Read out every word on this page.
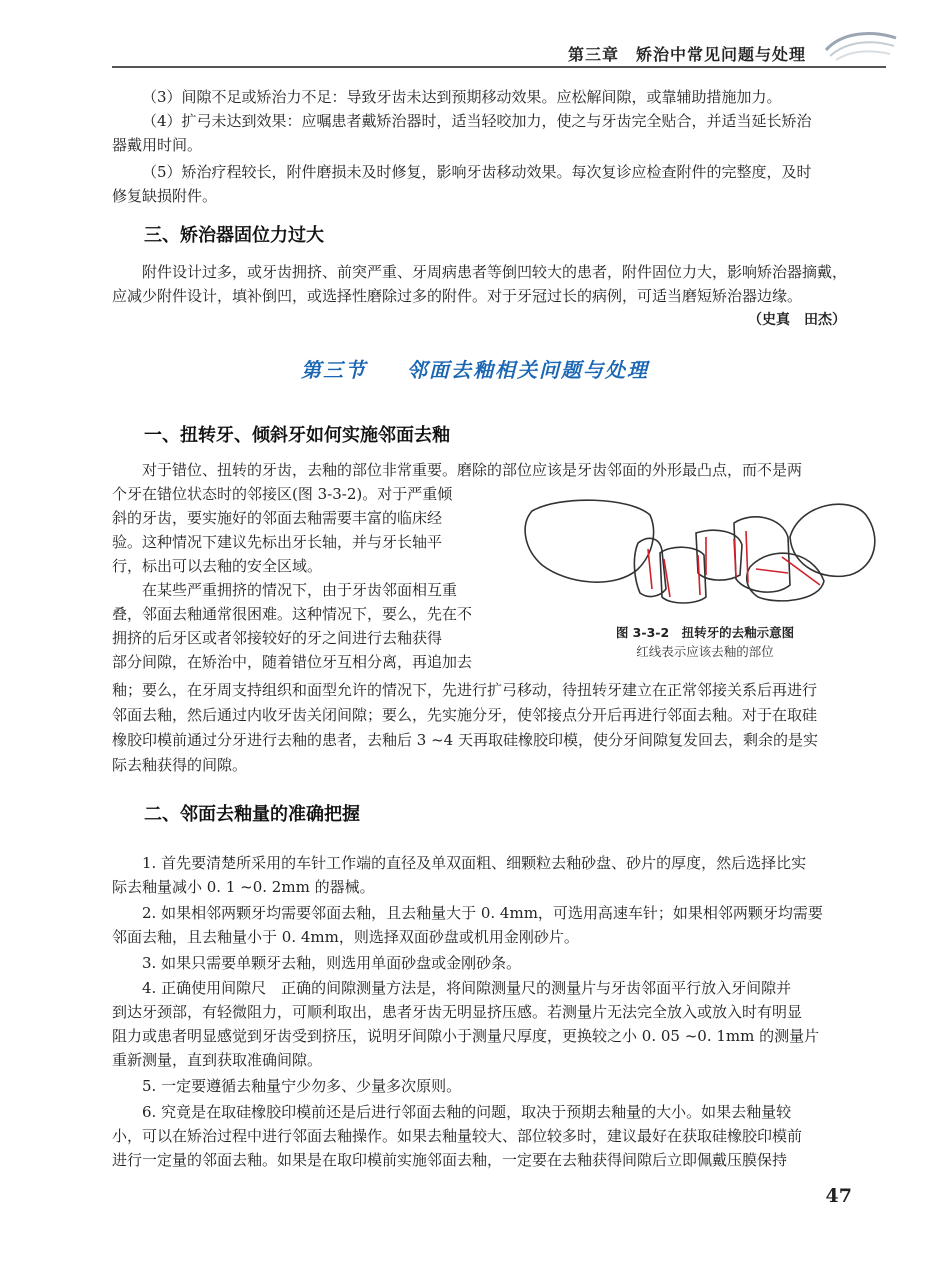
第三章　矫治中常见问题与处理

（3）间隙不足或矫治力不足：导致牙齿未达到预期移动效果。应松解间隙，或靠辅助措施加力。

（4）扩弓未达到效果：应嘱患者戴矫治器时，适当轻咬加力，使之与牙齿完全贴合，并适当延长矫治

器戴用时间。

（5）矫治疗程较长，附件磨损未及时修复，影响牙齿移动效果。每次复诊应检查附件的完整度，及时

修复缺损附件。

三、矫治器固位力过大

附件设计过多，或牙齿拥挤、前突严重、牙周病患者等倒凹较大的患者，附件固位力大，影响矫治器摘戴，

应减少附件设计，填补倒凹，或选择性磨除过多的附件。对于牙冠过长的病例，可适当磨短矫治器边缘。

（史真　田杰）
第三节 邻面去釉相关问题与处理
一、扭转牙、倾斜牙如何实施邻面去釉

对于错位、扭转的牙齿，去釉的部位非常重要。磨除的部位应该是牙齿邻面的外形最凸点，而不是两

个牙在错位状态时的邻接区(图 3-3-2)。对于严重倾

斜的牙齿，要实施好的邻面去釉需要丰富的临床经

验。这种情况下建议先标出牙长轴，并与牙长轴平

行，标出可以去釉的安全区域。

在某些严重拥挤的情况下，由于牙齿邻面相互重

叠，邻面去釉通常很困难。这种情况下，要么，先在不

拥挤的后牙区或者邻接较好的牙之间进行去釉获得

部分间隙，在矫治中，随着错位牙互相分离，再追加去

釉；要么，在牙周支持组织和面型允许的情况下，先进行扩弓移动，待扭转牙建立在正常邻接关系后再进行

邻面去釉，然后通过内收牙齿关闭间隙；要么，先实施分牙，使邻接点分开后再进行邻面去釉。对于在取硅

橡胶印模前通过分牙进行去釉的患者，去釉后 3 ~4 天再取硅橡胶印模，使分牙间隙复发回去，剩余的是实

际去釉获得的间隙。

图 3-3-2　扭转牙的去釉示意图
红线表示应该去釉的部位
二、邻面去釉量的准确把握

1. 首先要清楚所采用的车针工作端的直径及单双面粗、细颗粒去釉砂盘、砂片的厚度，然后选择比实

际去釉量减小 0. 1 ~0. 2mm 的器械。

2. 如果相邻两颗牙均需要邻面去釉，且去釉量大于 0. 4mm，可选用高速车针；如果相邻两颗牙均需要

邻面去釉，且去釉量小于 0. 4mm，则选择双面砂盘或机用金刚砂片。

3. 如果只需要单颗牙去釉，则选用单面砂盘或金刚砂条。

4. 正确使用间隙尺　正确的间隙测量方法是，将间隙测量尺的测量片与牙齿邻面平行放入牙间隙并

到达牙颈部，有轻微阻力，可顺利取出，患者牙齿无明显挤压感。若测量片无法完全放入或放入时有明显

阻力或患者明显感觉到牙齿受到挤压，说明牙间隙小于测量尺厚度，更换较之小 0. 05 ~0. 1mm 的测量片

重新测量，直到获取准确间隙。

5. 一定要遵循去釉量宁少勿多、少量多次原则。

6. 究竟是在取硅橡胶印模前还是后进行邻面去釉的问题，取决于预期去釉量的大小。如果去釉量较

小，可以在矫治过程中进行邻面去釉操作。如果去釉量较大、部位较多时，建议最好在获取硅橡胶印模前

进行一定量的邻面去釉。如果是在取印模前实施邻面去釉，一定要在去釉获得间隙后立即佩戴压膜保持

47
